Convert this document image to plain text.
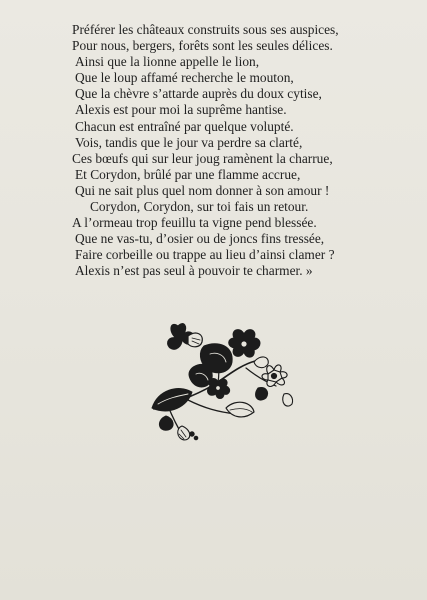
Préférer les châteaux construits sous ses auspices,
Pour nous, bergers, forêts sont les seules délices.
Ainsi que la lionne appelle le lion,
Que le loup affamé recherche le mouton,
Que la chèvre s’attarde auprès du doux cytise,
Alexis est pour moi la suprême hantise.
Chacun est entraîné par quelque volupté.
Vois, tandis que le jour va perdre sa clarté,
Ces bœufs qui sur leur joug ramènent la charrue,
Et Corydon, brûlé par une flamme accrue,
Qui ne sait plus quel nom donner à son amour !
Corydon, Corydon, sur toi fais un retour.
A l’ormeau trop feuillu ta vigne pend blessée.
Que ne vas-tu, d’osier ou de joncs fins tressée,
Faire corbeille ou trappe au lieu d’ainsi clamer ?
Alexis n’est pas seul à pouvoir te charmer. »
